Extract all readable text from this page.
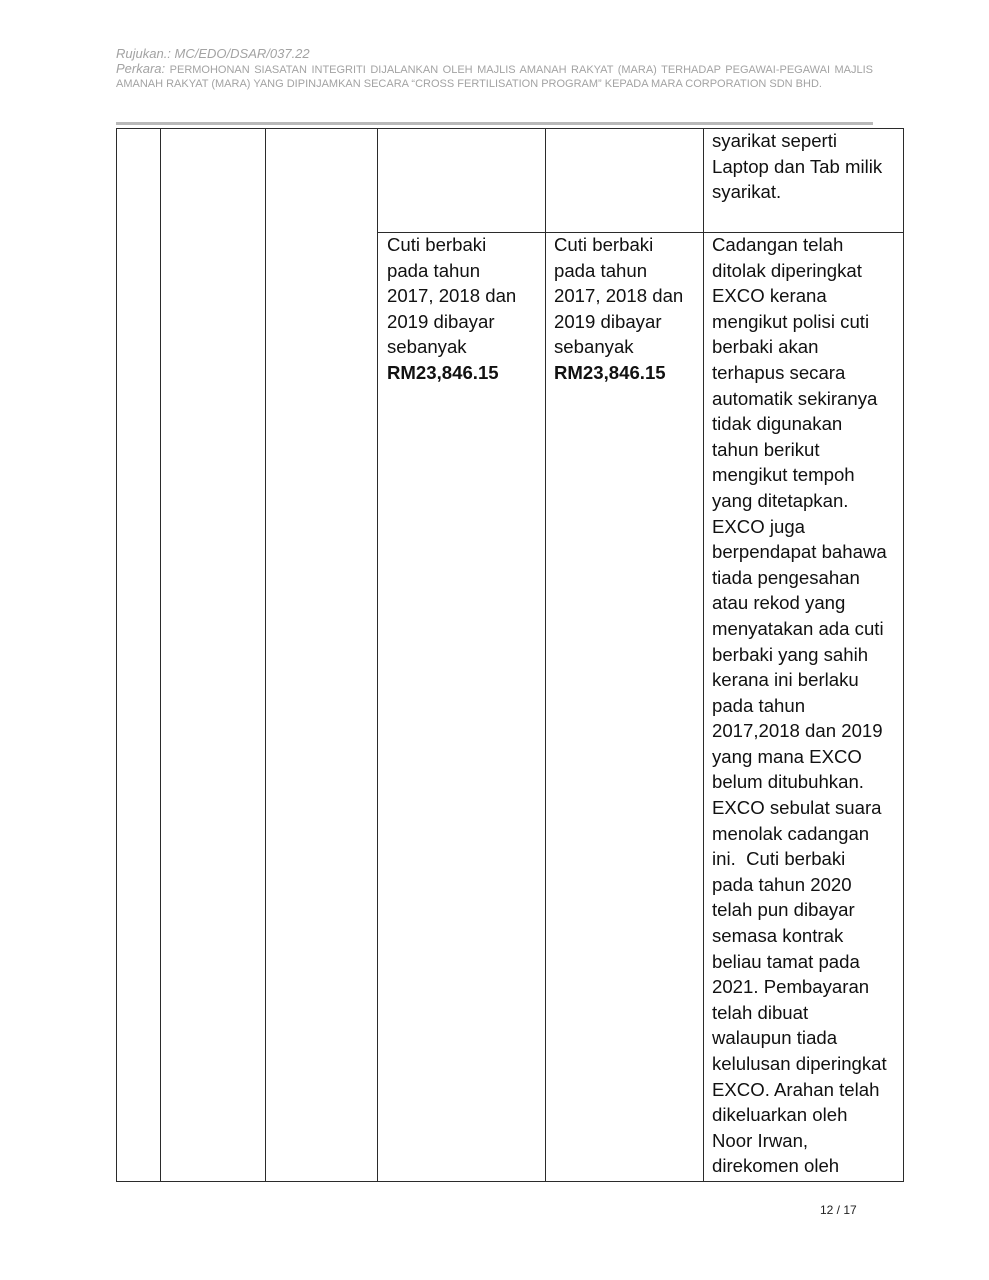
Rujukan.: MC/EDO/DSAR/037.22
Perkara: PERMOHONAN SIASATAN INTEGRITI DIJALANKAN OLEH MAJLIS AMANAH RAKYAT (MARA) TERHADAP PEGAWAI-PEGAWAI MAJLIS AMANAH RAKYAT (MARA) YANG DIPINJAMKAN SECARA “CROSS FERTILISATION PROGRAM” KEPADA MARA CORPORATION SDN BHD.
syarikat seperti
Laptop dan Tab milik
syarikat.
Cuti berbaki
pada tahun
2017, 2018 dan
2019 dibayar
sebanyak
RM23,846.15
Cuti berbaki
pada tahun
2017, 2018 dan
2019 dibayar
sebanyak
RM23,846.15
Cadangan telah
ditolak diperingkat
EXCO kerana
mengikut polisi cuti
berbaki akan
terhapus secara
automatik sekiranya
tidak digunakan
tahun berikut
mengikut tempoh
yang ditetapkan.
EXCO juga
berpendapat bahawa
tiada pengesahan
atau rekod yang
menyatakan ada cuti
berbaki yang sahih
kerana ini berlaku
pada tahun
2017,2018 dan 2019
yang mana EXCO
belum ditubuhkan.
EXCO sebulat suara
menolak cadangan
ini.  Cuti berbaki
pada tahun 2020
telah pun dibayar
semasa kontrak
beliau tamat pada
2021. Pembayaran
telah dibuat
walaupun tiada
kelulusan diperingkat
EXCO. Arahan telah
dikeluarkan oleh
Noor Irwan,
direkomen oleh
12 / 17
